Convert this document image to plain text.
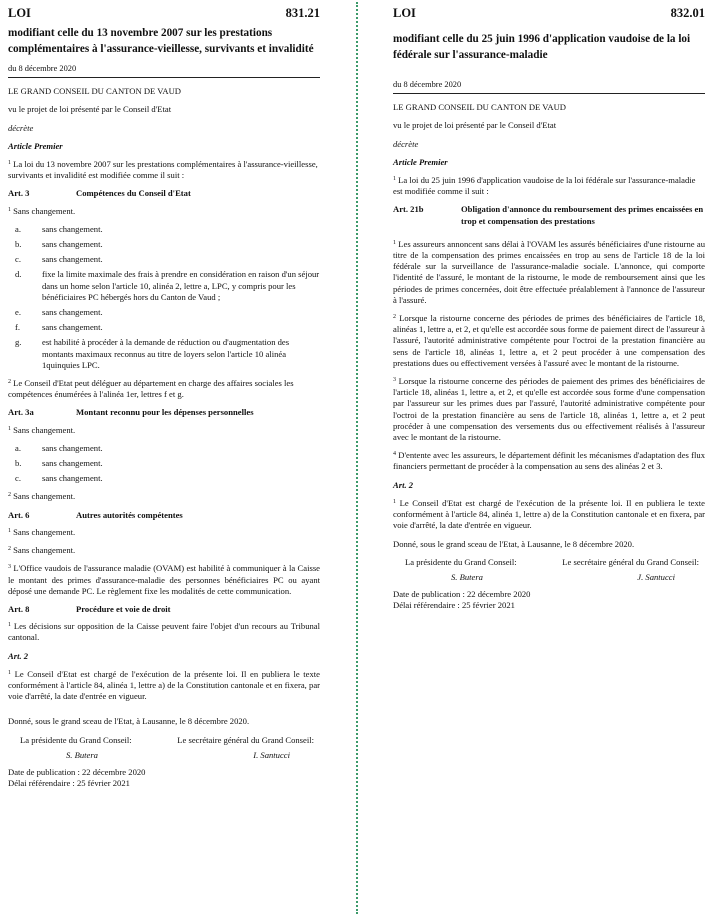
LOI	831.21
modifiant celle du 13 novembre 2007 sur les prestations complémentaires à l'assurance-vieillesse, survivants et invalidité
du 8 décembre 2020

LE GRAND CONSEIL DU CANTON DE VAUD

vu le projet de loi présenté par le Conseil d'Etat

décrète

Article Premier

$^1$ La loi du 13 novembre 2007 sur les prestations complémentaires à l'assurance-vieillesse, survivants et invalidité est modifiée comme il suit :

Art. 3	Compétences du Conseil d'Etat

$^1$ Sans changement.

a.	sans changement.
b.	sans changement.
c.	sans changement.
d.	fixe la limite maximale des frais à prendre en considération en raison d'un séjour dans un home selon l'article 10, alinéa 2, lettre a, LPC, y compris pour les bénéficiaires PC hébergés hors du Canton de Vaud ;
e.	sans changement.
f.	sans changement.
g.	est habilité à procéder à la demande de réduction ou d'augmentation des montants maximaux reconnus au titre de loyers selon l'article 10 alinéa 1quinquies LPC.

$^2$ Le Conseil d'Etat peut déléguer au département en charge des affaires sociales les compétences énumérées à l'alinéa 1er, lettres f et g.

Art. 3a	Montant reconnu pour les dépenses personnelles

$^1$ Sans changement.

a.	sans changement.
b.	sans changement.
c.	sans changement.

$^2$ Sans changement.

Art. 6	Autres autorités compétentes

$^1$ Sans changement.

$^2$ Sans changement.

$^3$ L'Office vaudois de l'assurance maladie (OVAM) est habilité à communiquer à la Caisse le montant des primes d'assurance-maladie des personnes bénéficiaires PC ou ayant déposé une demande PC. Le règlement fixe les modalités de cette communication.

Art. 8	Procédure et voie de droit

$^1$ Les décisions sur opposition de la Caisse peuvent faire l'objet d'un recours au Tribunal cantonal.

Art. 2

$^1$ Le Conseil d'Etat est chargé de l'exécution de la présente loi. Il en publiera le texte conformément à l'article 84, alinéa 1, lettre a) de la Constitution cantonale et en fixera, par voie d'arrêté, la date d'entrée en vigueur.

Donné, sous le grand sceau de l'Etat, à Lausanne, le 8 décembre 2020.

La présidente du Grand Conseil:	Le secrétaire général du Grand Conseil:
S. Butera	I. Santucci
Date de publication : 22 décembre 2020
Délai référendaire : 25 février 2021
LOI	832.01
modifiant celle du 25 juin 1996 d'application vaudoise de la loi fédérale sur l'assurance-maladie
du 8 décembre 2020

LE GRAND CONSEIL DU CANTON DE VAUD

vu le projet de loi présenté par le Conseil d'Etat

décrète

Article Premier

$^1$ La loi du 25 juin 1996 d'application vaudoise de la loi fédérale sur l'assurance-maladie est modifiée comme il suit :

Art. 21b	Obligation d'annonce du remboursement des primes encaissées en trop et compensation des prestations

$^1$ Les assureurs annoncent sans délai à l'OVAM les assurés bénéficiaires d'une ristourne au titre de la compensation des primes encaissées en trop au sens de l'article 18 de la loi fédérale sur la surveillance de l'assurance-maladie sociale. L'annonce, qui comporte l'identité de l'assuré, le montant de la ristourne, le mode de remboursement ainsi que les périodes de primes concernées, doit être effectuée préalablement à l'annonce de l'assureur à l'assuré.

$^2$ Lorsque la ristourne concerne des périodes de primes des bénéficiaires de l'article 18, alinéas 1, lettre a, et 2, et qu'elle est accordée sous forme de paiement direct de l'assureur à l'assuré, l'autorité administrative compétente pour l'octroi de la prestation financière au sens de l'article 18, alinéas 1, lettre a, et 2 peut procéder à une compensation des prestations dues ou effectivement versées à l'assuré avec le montant de la ristourne.

$^3$ Lorsque la ristourne concerne des périodes de paiement des primes des bénéficiaires de l'article 18, alinéas 1, lettre a, et 2, et qu'elle est accordée sous forme d'une compensation par l'assureur sur les primes dues par l'assuré, l'autorité administrative compétente pour l'octroi de la prestation financière au sens de l'article 18, alinéas 1, lettre a, et 2 peut procéder à une compensation des versements dus ou effectivement réalisés à l'assureur avec le montant de la ristourne.

$^4$ D'entente avec les assureurs, le département définit les mécanismes d'adaptation des flux financiers permettant de procéder à la compensation au sens des alinéas 2 et 3.

Art. 2

$^1$ Le Conseil d'Etat est chargé de l'exécution de la présente loi. Il en publiera le texte conformément à l'article 84, alinéa 1, lettre a) de la Constitution cantonale et en fixera, par voie d'arrêté, la date d'entrée en vigueur.

Donné, sous le grand sceau de l'Etat, à Lausanne, le 8 décembre 2020.

La présidente du Grand Conseil:	Le secrétaire général du Grand Conseil:
S. Butera	J. Santucci
Date de publication : 22 décembre 2020
Délai référendaire : 25 février 2021
